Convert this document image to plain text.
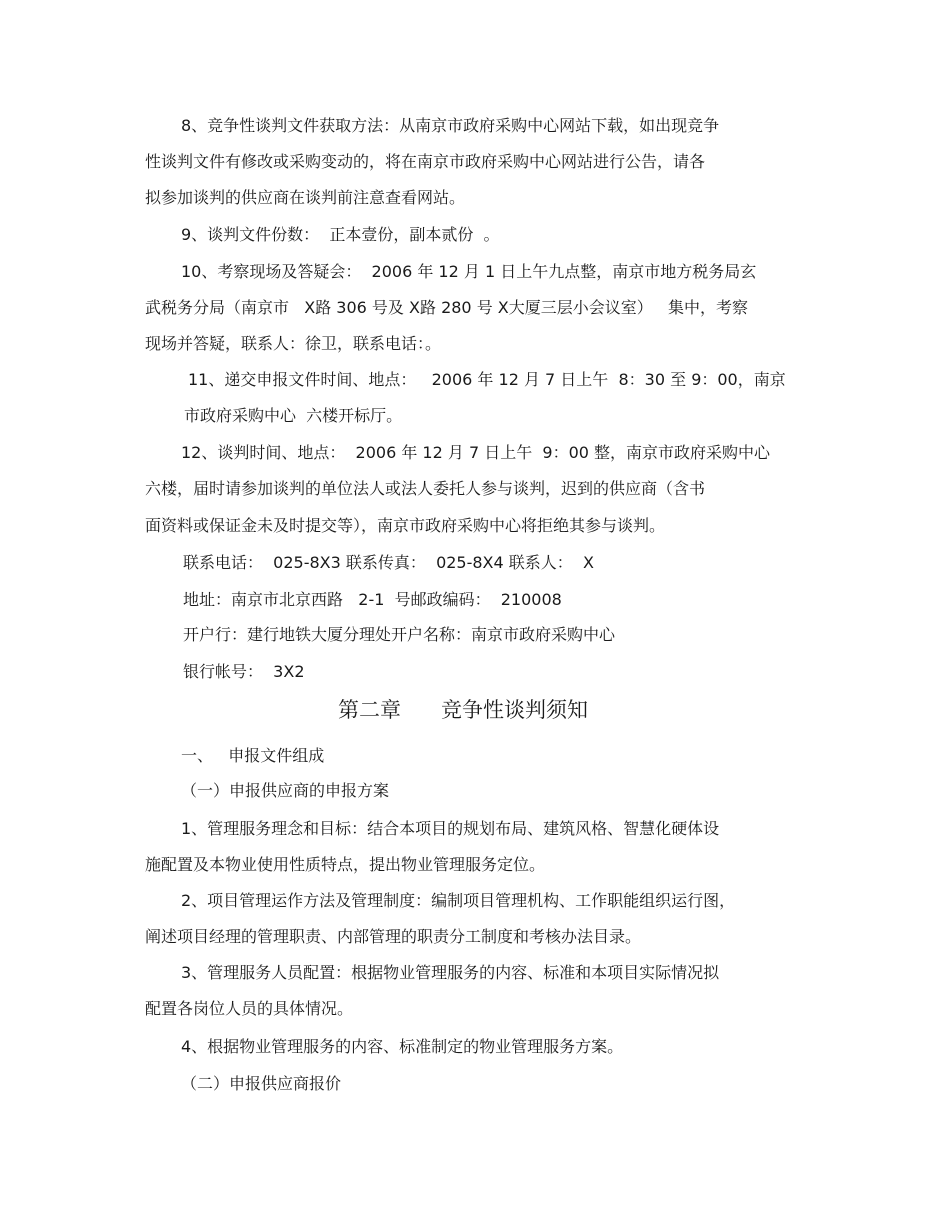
8、竞争性谈判文件获取方法：从南京市政府采购中心网站下载，如出现竞争
性谈判文件有修改或采购变动的，将在南京市政府采购中心网站进行公告，请各
拟参加谈判的供应商在谈判前注意查看网站。
9、谈判文件份数：  正本壹份，副本贰份  。
10、考察现场及答疑会：  2006 年 12 月 1 日上午九点整，南京市地方税务局玄
武税务分局（南京市   X路 306 号及 X路 280 号 X大厦三层小会议室）   集中，考察
现场并答疑，联系人：徐卫，联系电话：。
11、递交申报文件时间、地点：   2006 年 12 月 7 日上午  8：30 至 9：00，南京
市政府采购中心  六楼开标厅。
12、谈判时间、地点：  2006 年 12 月 7 日上午  9：00 整，南京市政府采购中心
六楼，届时请参加谈判的单位法人或法人委托人参与谈判，迟到的供应商（含书
面资料或保证金未及时提交等），南京市政府采购中心将拒绝其参与谈判。
联系电话：  025-8X3 联系传真：  025-8X4 联系人：  X
地址：南京市北京西路   2-1  号邮政编码：  210008
开户行：建行地铁大厦分理处开户名称：南京市政府采购中心
银行帐号：  3X2
第二章      竞争性谈判须知
一、   申报文件组成
（一）申报供应商的申报方案
1、管理服务理念和目标：结合本项目的规划布局、建筑风格、智慧化硬体设
施配置及本物业使用性质特点，提出物业管理服务定位。
2、项目管理运作方法及管理制度：编制项目管理机构、工作职能组织运行图，
阐述项目经理的管理职责、内部管理的职责分工制度和考核办法目录。
3、管理服务人员配置：根据物业管理服务的内容、标准和本项目实际情况拟
配置各岗位人员的具体情况。
4、根据物业管理服务的内容、标准制定的物业管理服务方案。
（二）申报供应商报价
